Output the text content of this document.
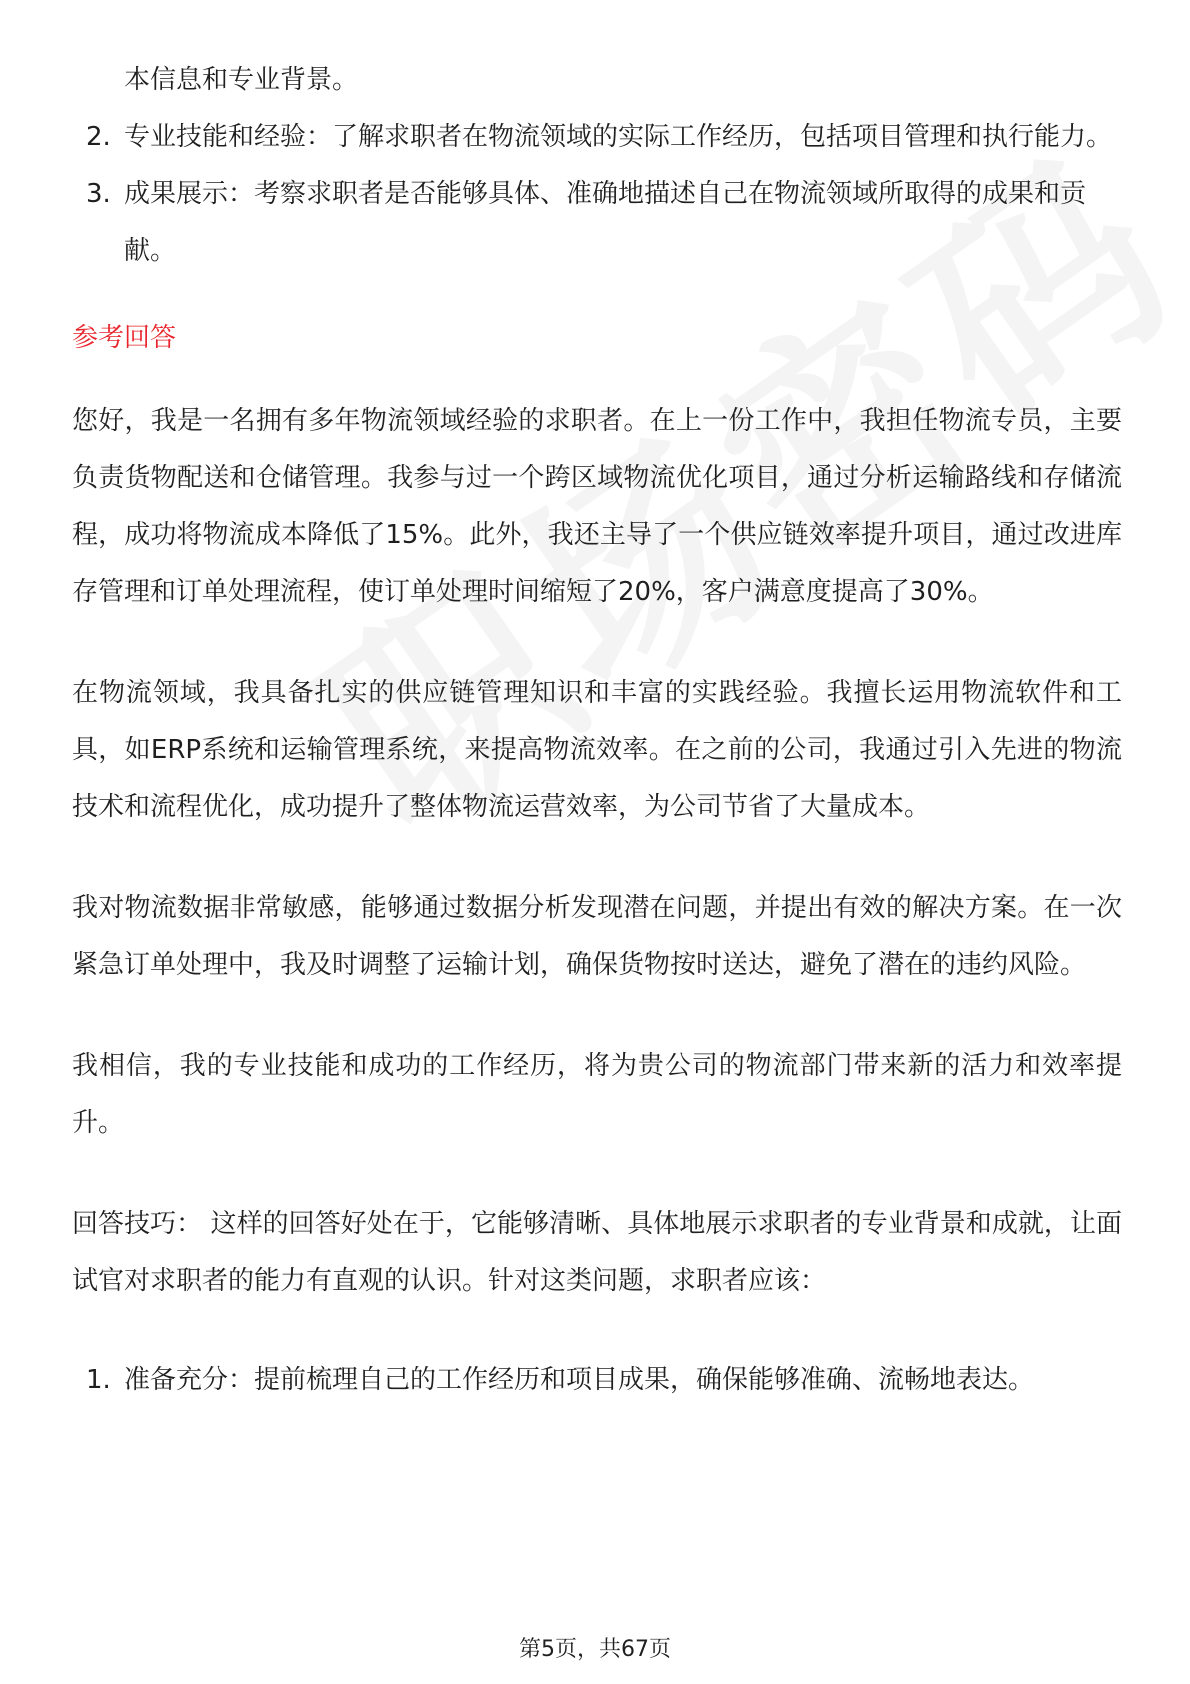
本信息和专业背景。

2. 专业技能和经验：了解求职者在物流领域的实际工作经历，包括项目管理和执行能力。
3. 成果展示：考察求职者是否能够具体、准确地描述自己在物流领域所取得的成果和贡献。
参考回答

您好，我是一名拥有多年物流领域经验的求职者。在上一份工作中，我担任物流专员，主要负责货物配送和仓储管理。我参与过一个跨区域物流优化项目，通过分析运输路线和存储流程，成功将物流成本降低了15%。此外，我还主导了一个供应链效率提升项目，通过改进库存管理和订单处理流程，使订单处理时间缩短了20%，客户满意度提高了30%。

在物流领域，我具备扎实的供应链管理知识和丰富的实践经验。我擅长运用物流软件和工具，如ERP系统和运输管理系统，来提高物流效率。在之前的公司，我通过引入先进的物流技术和流程优化，成功提升了整体物流运营效率，为公司节省了大量成本。

我对物流数据非常敏感，能够通过数据分析发现潜在问题，并提出有效的解决方案。在一次紧急订单处理中，我及时调整了运输计划，确保货物按时送达，避免了潜在的违约风险。

我相信，我的专业技能和成功的工作经历，将为贵公司的物流部门带来新的活力和效率提升。

回答技巧： 这样的回答好处在于，它能够清晰、具体地展示求职者的专业背景和成就，让面试官对求职者的能力有直观的认识。针对这类问题，求职者应该：

1. 准备充分：提前梳理自己的工作经历和项目成果，确保能够准确、流畅地表达。
第5页，共67页
